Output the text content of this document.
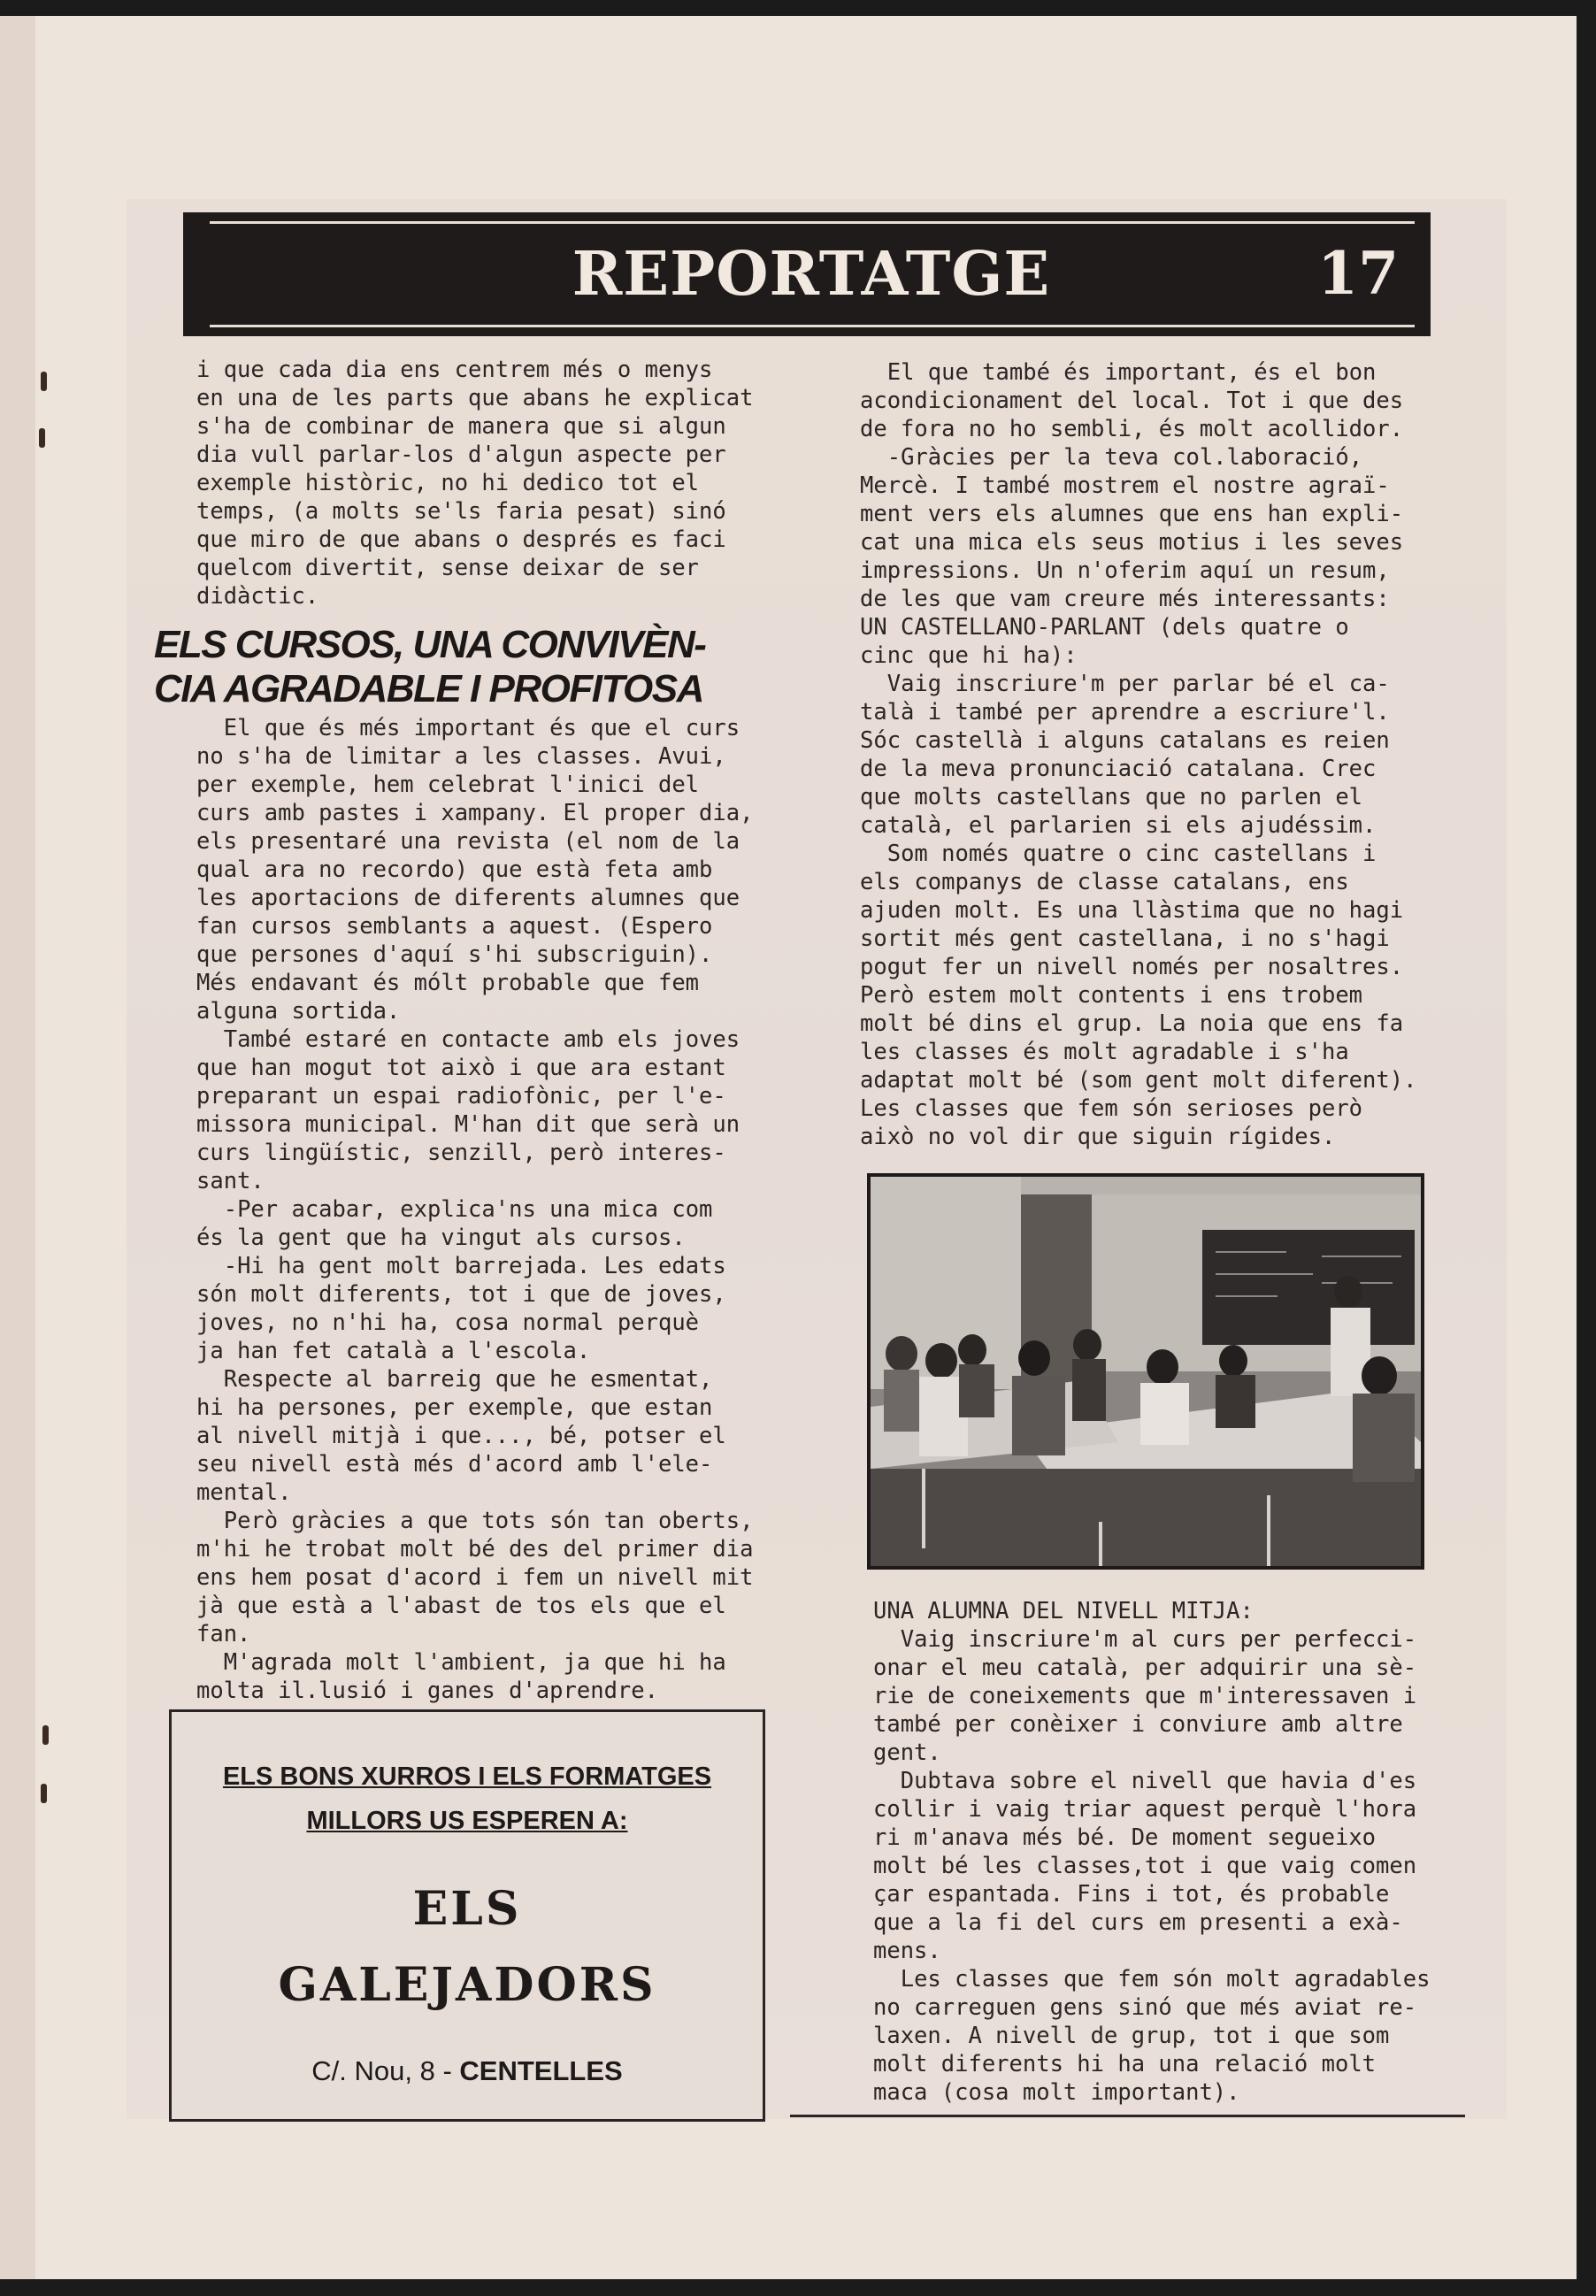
REPORTATGE	17

i que cada dia ens centrem més o menys
en una de les parts que abans he explicat
s'ha de combinar de manera que si algun
dia vull parlar-los d'algun aspecte per
exemple històric, no hi dedico tot el
temps, (a molts se'ls faria pesat) sinó
que miro de que abans o després es faci
quelcom divertit, sense deixar de ser
didàctic.

ELS CURSOS, UNA CONVIVÈN-
CIA AGRADABLE I PROFITOSA

El que és més important és que el curs
no s'ha de limitar a les classes. Avui,
per exemple, hem celebrat l'inici del
curs amb pastes i xampany. El proper dia,
els presentaré una revista (el nom de la
qual ara no recordo) que està feta amb
les aportacions de diferents alumnes que
fan cursos semblants a aquest. (Espero
que persones d'aquí s'hi subscriguin).
Més endavant és mólt probable que fem
alguna sortida.
També estaré en contacte amb els joves
que han mogut tot això i que ara estant
preparant un espai radiofònic, per l'e-
missora municipal. M'han dit que serà un
curs lingüístic, senzill, però interes-
sant.
-Per acabar, explica'ns una mica com
és la gent que ha vingut als cursos.
-Hi ha gent molt barrejada. Les edats
són molt diferents, tot i que de joves,
joves, no n'hi ha, cosa normal perquè
ja han fet català a l'escola.
Respecte al barreig que he esmentat,
hi ha persones, per exemple, que estan
al nivell mitjà i que..., bé, potser el
seu nivell està més d'acord amb l'ele-
mental.
Però gràcies a que tots són tan oberts,
m'hi he trobat molt bé des del primer dia
ens hem posat d'acord i fem un nivell mit
jà que està a l'abast de tos els que el
fan.
M'agrada molt l'ambient, ja que hi ha
molta il.lusió i ganes d'aprendre.

ELS BONS XURROS I ELS FORMATGES
MILLORS US ESPEREN A:
ELS
GALEJADORS
C/. Nou, 8 - CENTELLES

El que també és important, és el bon
acondicionament del local. Tot i que des
de fora no ho sembli, és molt acollidor.
-Gràcies per la teva col.laboració,
Mercè. I també mostrem el nostre agraï-
ment vers els alumnes que ens han expli-
cat una mica els seus motius i les seves
impressions. Un n'oferim aquí un resum,
de les que vam creure més interessants:
UN CASTELLANO-PARLANT (dels quatre o
cinc que hi ha):
Vaig inscriure'm per parlar bé el ca-
talà i també per aprendre a escriure'l.
Sóc castellà i alguns catalans es reien
de la meva pronunciació catalana. Crec
que molts castellans que no parlen el
català, el parlarien si els ajudéssim.
Som només quatre o cinc castellans i
els companys de classe catalans, ens
ajuden molt. Es una llàstima que no hagi
sortit més gent castellana, i no s'hagi
pogut fer un nivell només per nosaltres.
Però estem molt contents i ens trobem
molt bé dins el grup. La noia que ens fa
les classes és molt agradable i s'ha
adaptat molt bé (som gent molt diferent).
Les classes que fem són serioses però
això no vol dir que siguin rígides.

UNA ALUMNA DEL NIVELL MITJA:
Vaig inscriure'm al curs per perfecci-
onar el meu català, per adquirir una sè-
rie de coneixements que m'interessaven i
també per conèixer i conviure amb altre
gent.
Dubtava sobre el nivell que havia d'es
collir i vaig triar aquest perquè l'hora
ri m'anava més bé. De moment segueixo
molt bé les classes,tot i que vaig comen
çar espantada. Fins i tot, és probable
que a la fi del curs em presenti a exà-
mens.
Les classes que fem són molt agradables
no carreguen gens sinó que més aviat re-
laxen. A nivell de grup, tot i que som
molt diferents hi ha una relació molt
maca (cosa molt important).
